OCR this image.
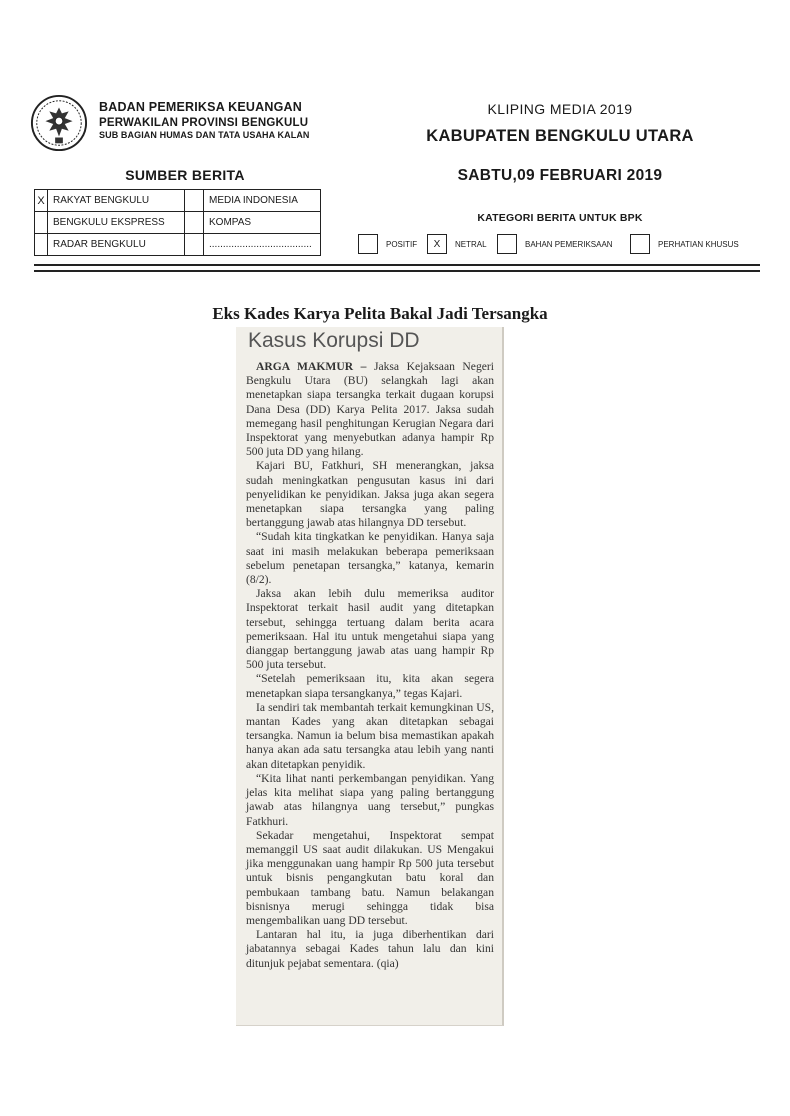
BADAN PEMERIKSA KEUANGAN
PERWAKILAN PROVINSI BENGKULU
SUB BAGIAN HUMAS DAN TATA USAHA KALAN
KLIPING MEDIA 2019
KABUPATEN BENGKULU UTARA
SABTU,09 FEBRUARI 2019
SUMBER BERITA
X	RAKYAT BENGKULU		MEDIA INDONESIA
	BENGKULU EKSPRESS		KOMPAS
	RADAR BENGKULU		.....................................
KATEGORI BERITA UNTUK BPK
POSITIF	X	NETRAL	BAHAN PEMERIKSAAN	PERHATIAN KHUSUS
Eks Kades Karya Pelita Bakal Jadi Tersangka
Kasus Korupsi DD

ARGA MAKMUR – Jaksa Kejaksaan Negeri Bengkulu Utara (BU) selangkah lagi akan menetapkan siapa tersangka terkait dugaan korupsi Dana Desa (DD) Karya Pelita 2017. Jaksa sudah memegang hasil penghitungan Kerugian Negara dari Inspektorat yang menyebutkan adanya hampir Rp 500 juta DD yang hilang.

Kajari BU, Fatkhuri, SH menerangkan, jaksa sudah meningkatkan pengusutan kasus ini dari penyelidikan ke penyidikan. Jaksa juga akan segera menetapkan siapa tersangka yang paling bertanggung jawab atas hilangnya DD tersebut.

“Sudah kita tingkatkan ke penyidikan. Hanya saja saat ini masih melakukan beberapa pemeriksaan sebelum penetapan tersangka,” katanya, kemarin (8/2).

Jaksa akan lebih dulu memeriksa auditor Inspektorat terkait hasil audit yang ditetapkan tersebut, sehingga tertuang dalam berita acara pemeriksaan. Hal itu untuk mengetahui siapa yang dianggap bertanggung jawab atas uang hampir Rp 500 juta tersebut.

“Setelah pemeriksaan itu, kita akan segera menetapkan siapa tersangkanya,” tegas Kajari.

Ia sendiri tak membantah terkait kemungkinan US, mantan Kades yang akan ditetapkan sebagai tersangka. Namun ia belum bisa memastikan apakah hanya akan ada satu tersangka atau lebih yang nanti akan ditetapkan penyidik.

“Kita lihat nanti perkembangan penyidikan. Yang jelas kita melihat siapa yang paling bertanggung jawab atas hilangnya uang tersebut,” pungkas Fatkhuri.

Sekadar mengetahui, Inspektorat sempat memanggil US saat audit dilakukan. US Mengakui jika menggunakan uang hampir Rp 500 juta tersebut untuk bisnis pengangkutan batu koral dan pembukaan tambang batu. Namun belakangan bisnisnya merugi sehingga tidak bisa mengembalikan uang DD tersebut.

Lantaran hal itu, ia juga diberhentikan dari jabatannya sebagai Kades tahun lalu dan kini ditunjuk pejabat sementara. (qia)
